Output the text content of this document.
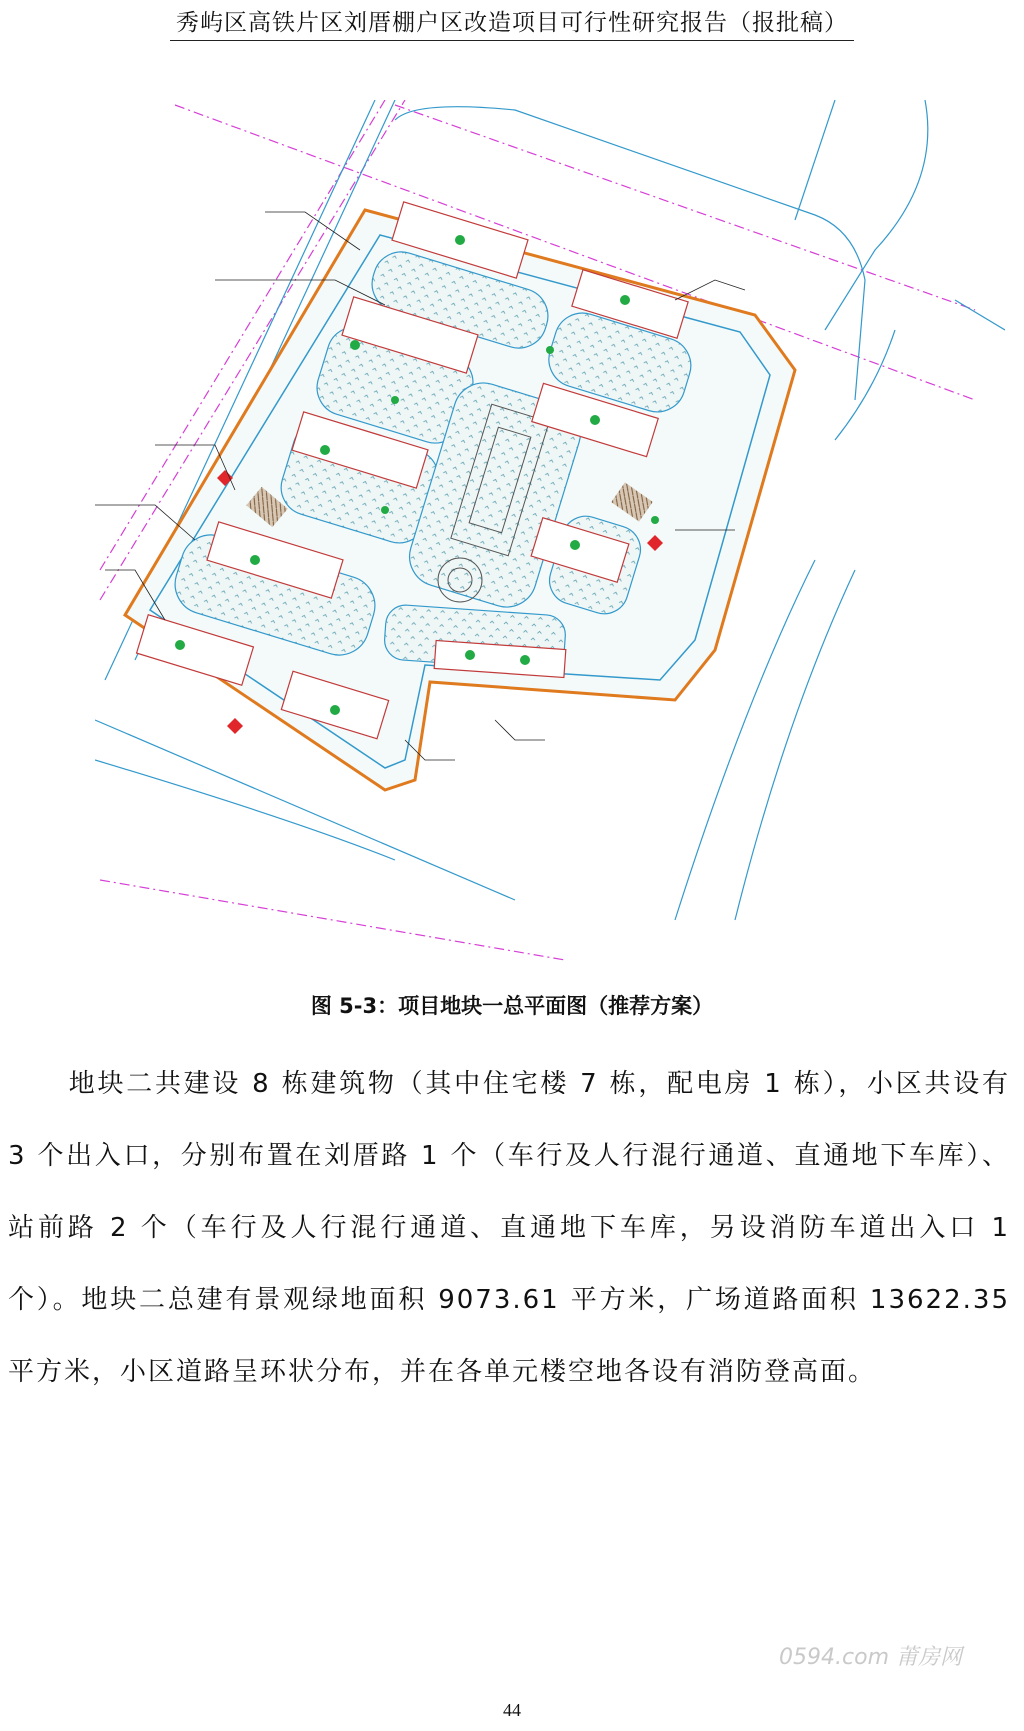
秀屿区高铁片区刘厝棚户区改造项目可行性研究报告（报批稿）
图 5-3：项目地块一总平面图（推荐方案）
地块二共建设 8 栋建筑物（其中住宅楼 7 栋，配电房 1 栋），小区共设有 3 个出入口，分别布置在刘厝路 1 个（车行及人行混行通道、直通地下车库）、站前路 2 个（车行及人行混行通道、直通地下车库，另设消防车道出入口 1 个）。地块二总建有景观绿地面积 9073.61 平方米，广场道路面积 13622.35 平方米，小区道路呈环状分布，并在各单元楼空地各设有消防登高面。
0594.com 莆房网
44
